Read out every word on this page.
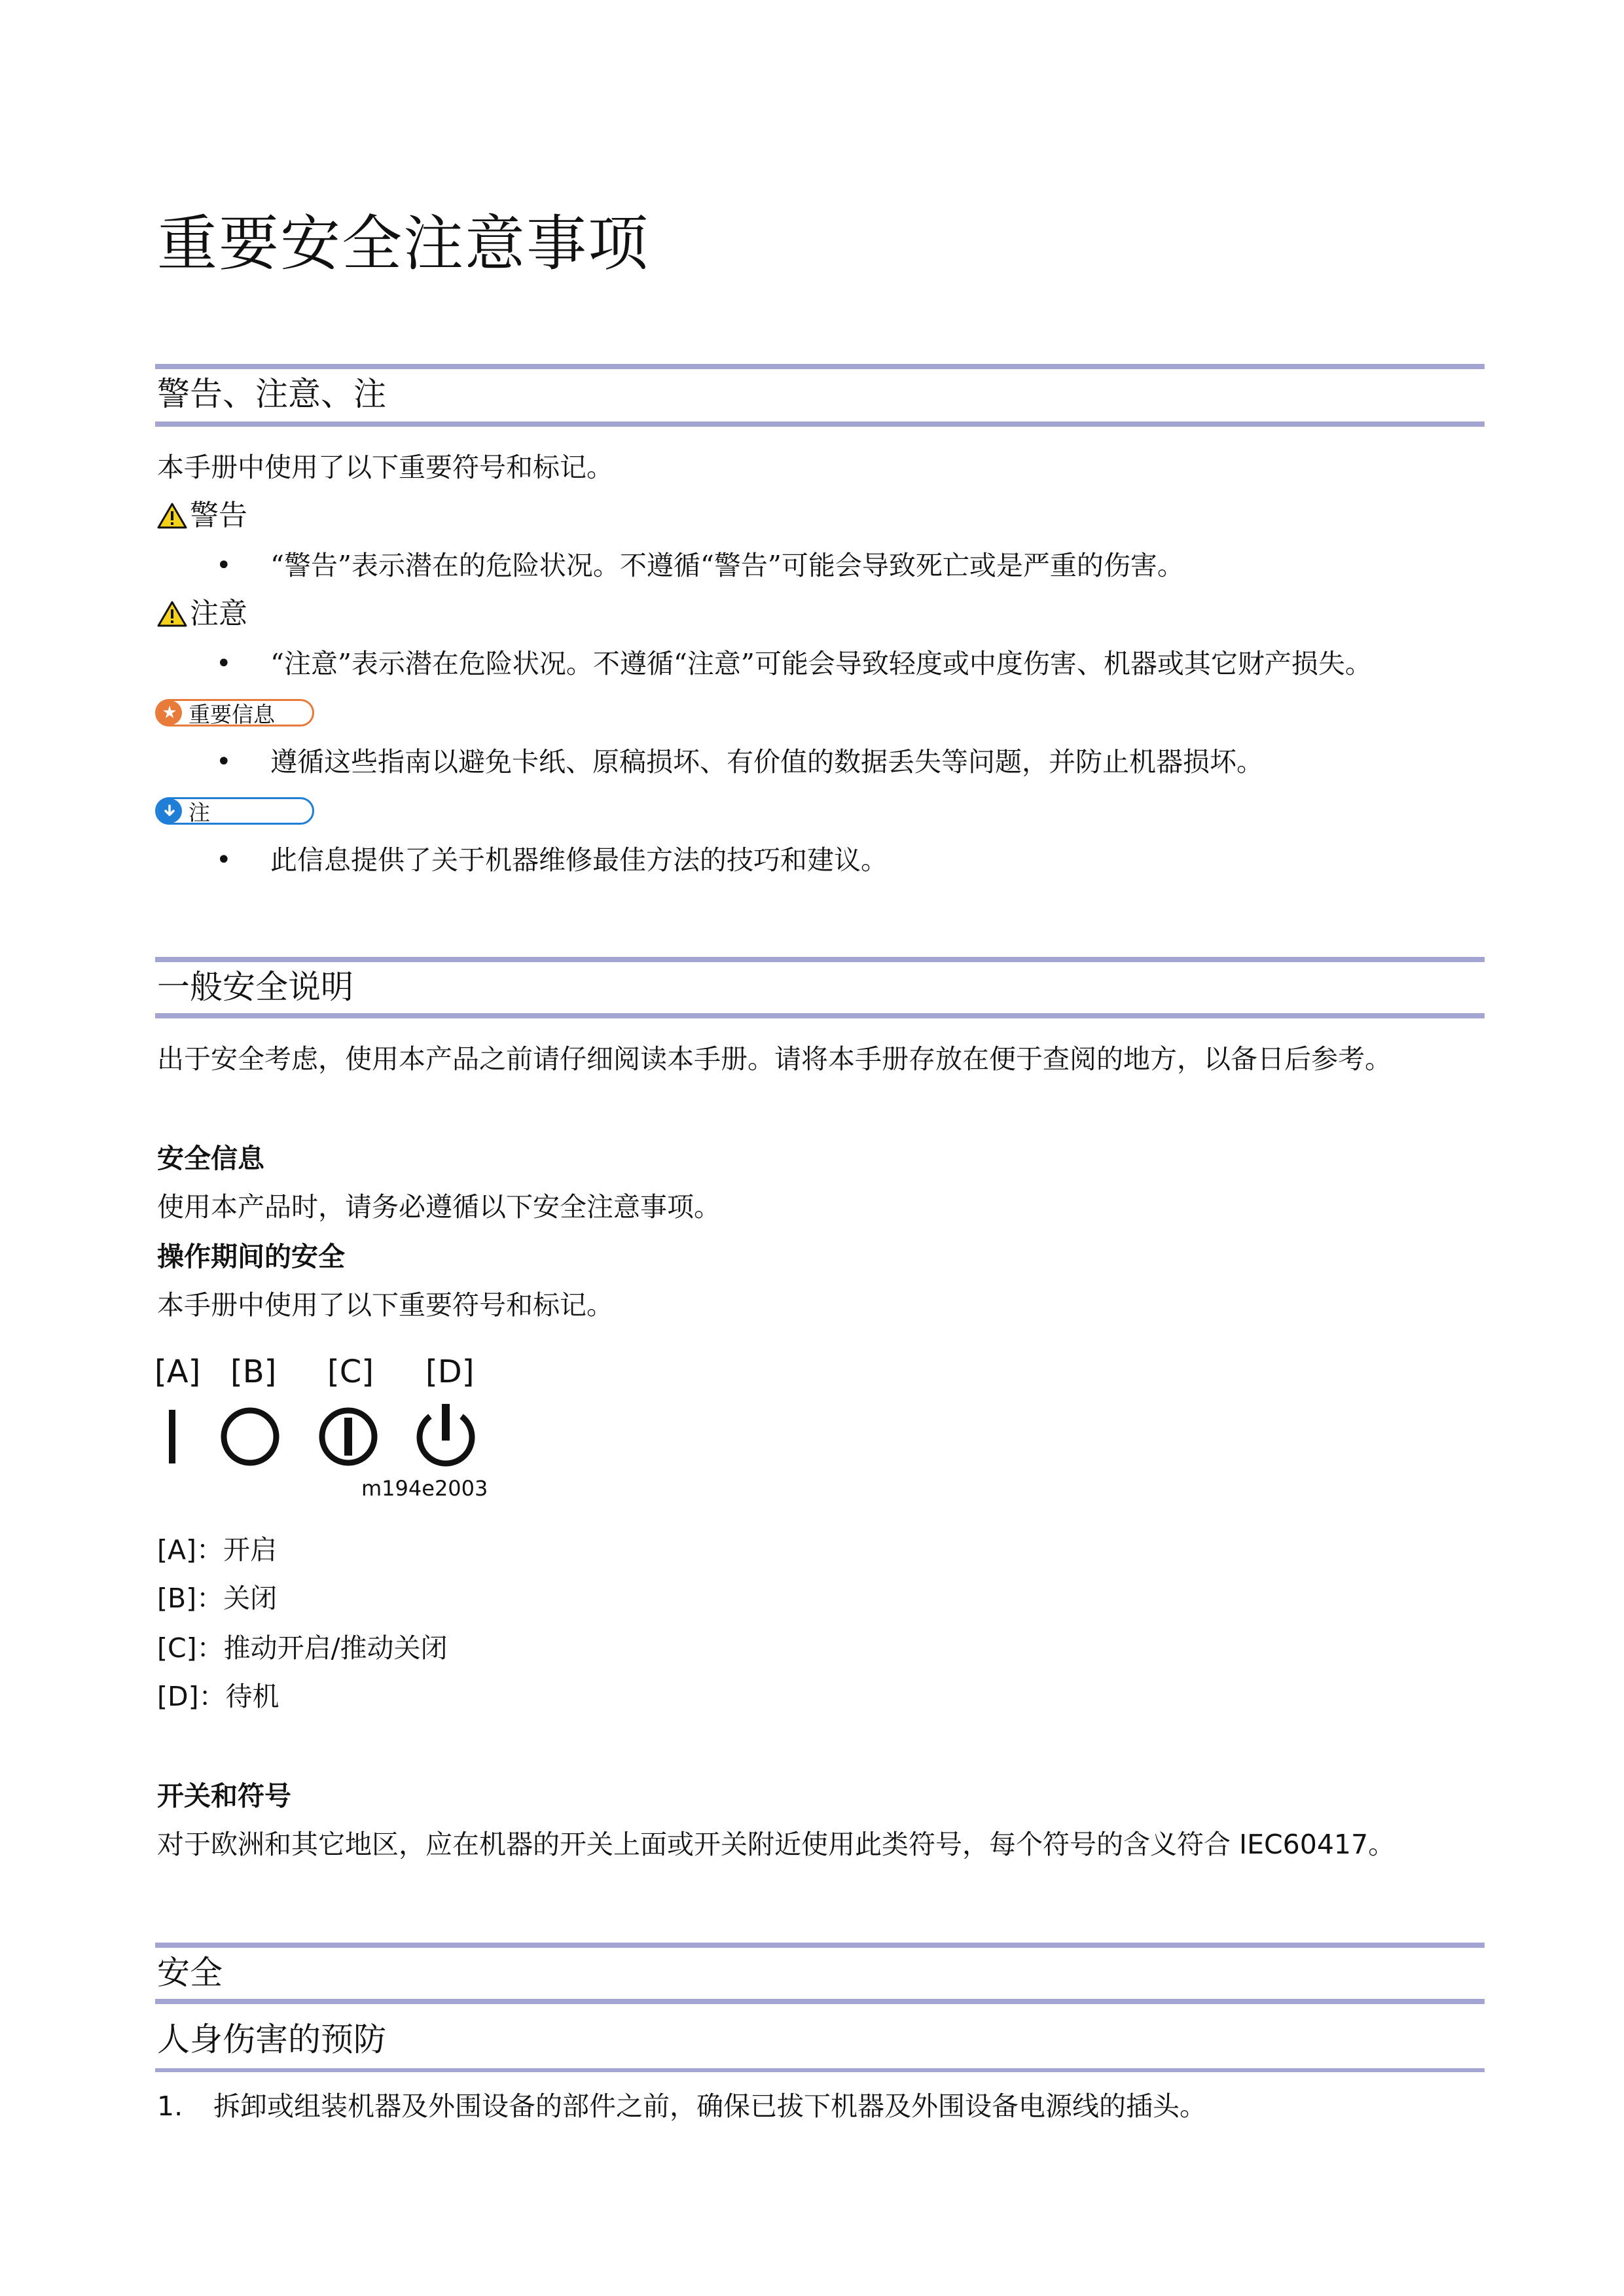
重要安全注意事项
警告、注意、注
本手册中使用了以下重要符号和标记。
警告
• “警告”表示潜在的危险状况。不遵循“警告”可能会导致死亡或是严重的伤害。
注意
• “注意”表示潜在危险状况。不遵循“注意”可能会导致轻度或中度伤害、机器或其它财产损失。
★ 重要信息
• 遵循这些指南以避免卡纸、原稿损坏、有价值的数据丢失等问题，并防止机器损坏。
注
• 此信息提供了关于机器维修最佳方法的技巧和建议。
一般安全说明
出于安全考虑，使用本产品之前请仔细阅读本手册。请将本手册存放在便于查阅的地方，以备日后参考。
安全信息
使用本产品时，请务必遵循以下安全注意事项。
操作期间的安全
本手册中使用了以下重要符号和标记。
[A] [B] [C] [D]
m194e2003
[A]：开启
[B]：关闭
[C]：推动开启/推动关闭
[D]：待机
开关和符号
对于欧洲和其它地区，应在机器的开关上面或开关附近使用此类符号，每个符号的含义符合 IEC60417。
安全
人身伤害的预防
1. 拆卸或组装机器及外围设备的部件之前，确保已拔下机器及外围设备电源线的插头。
